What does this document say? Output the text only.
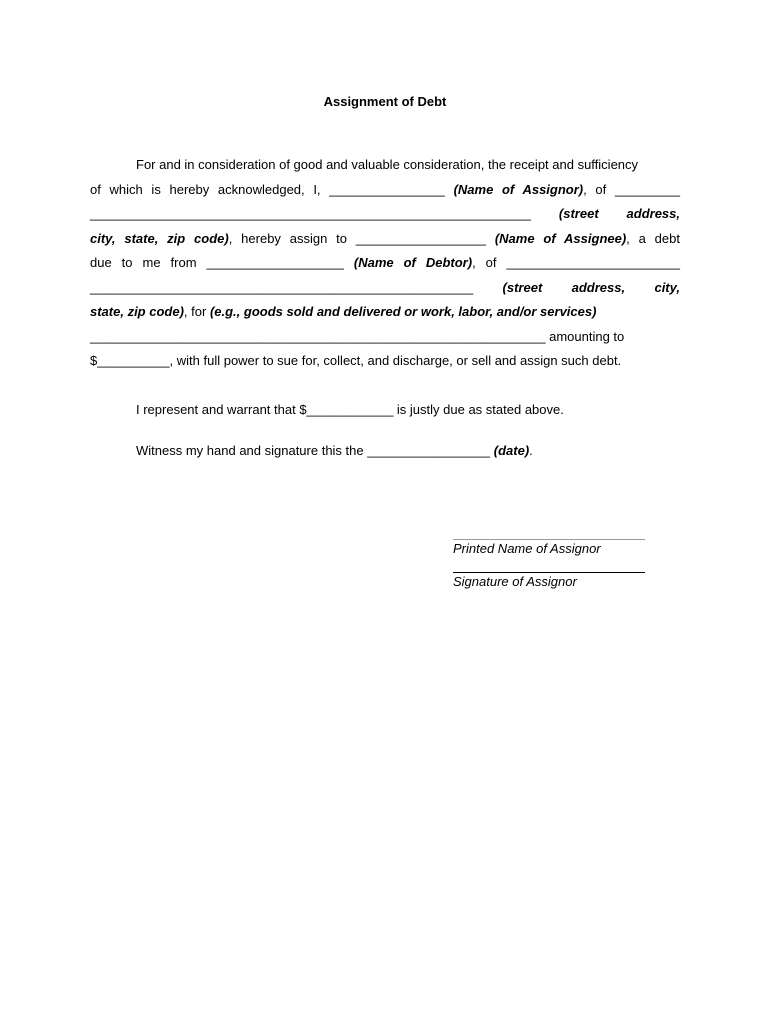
Assignment of Debt
For and in consideration of good and valuable consideration, the receipt and sufficiency
of which is hereby acknowledged, I, ________________ (Name of Assignor), of _________
_____________________________________________________________ (street address,
city, state, zip code), hereby assign to __________________ (Name of Assignee), a debt
due to me from ___________________ (Name of Debtor), of ________________________
_____________________________________________________ (street address, city,
state, zip code), for (e.g., goods sold and delivered or work, labor, and/or services)
_______________________________________________________________ amounting to
$__________, with full power to sue for, collect, and discharge, or sell and assign such debt.
I represent and warrant that $____________ is justly due as stated above.
Witness my hand and signature this the _________________ (date).
Printed Name of Assignor
Signature of Assignor
